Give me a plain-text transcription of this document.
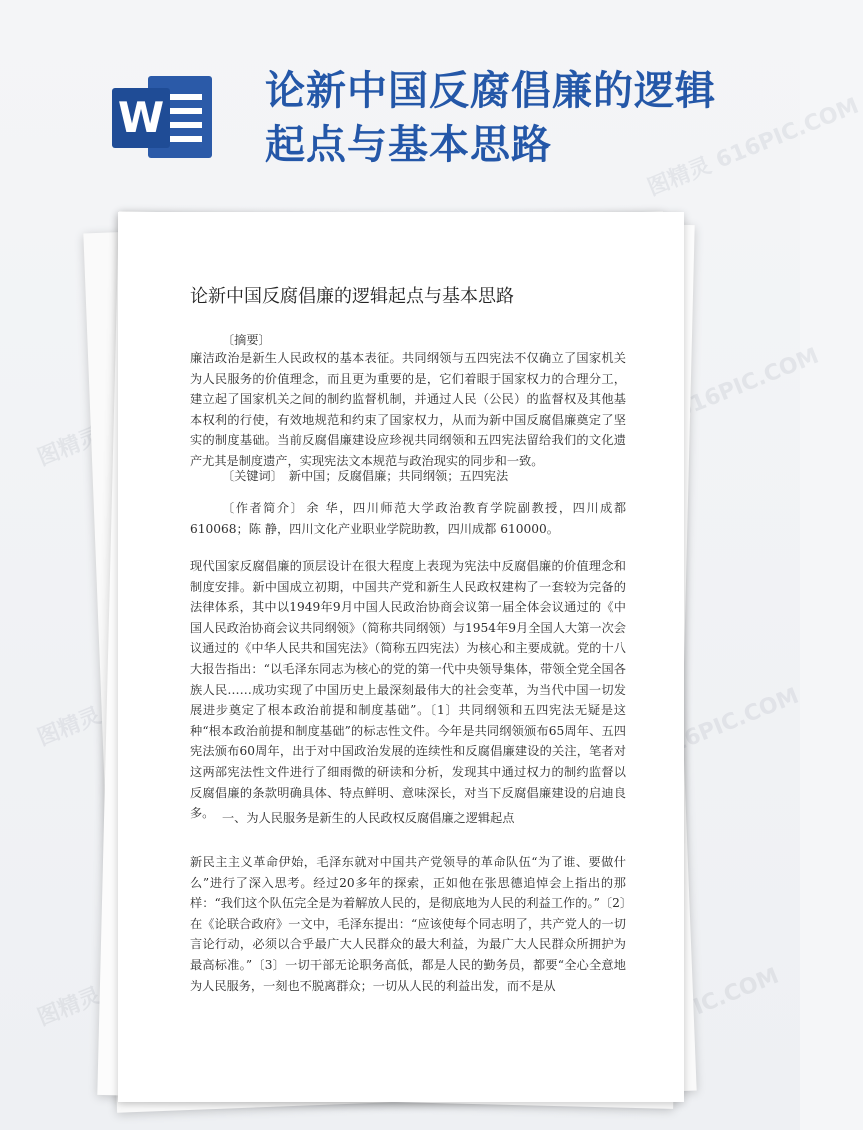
W
论新中国反腐倡廉的逻辑起点与基本思路
论新中国反腐倡廉的逻辑起点与基本思路

〔摘要〕

廉洁政治是新生人民政权的基本表征。共同纲领与五四宪法不仅确立了国家机关为人民服务的价值理念，而且更为重要的是，它们着眼于国家权力的合理分工，建立起了国家机关之间的制约监督机制，并通过人民（公民）的监督权及其他基本权利的行使，有效地规范和约束了国家权力，从而为新中国反腐倡廉奠定了坚实的制度基础。当前反腐倡廉建设应珍视共同纲领和五四宪法留给我们的文化遗产尤其是制度遗产，实现宪法文本规范与政治现实的同步和一致。

〔关键词〕 新中国；反腐倡廉；共同纲领；五四宪法

〔作者简介〕 余 华，四川师范大学政治教育学院副教授，四川成都610068；陈 静，四川文化产业职业学院助教，四川成都 610000。

现代国家反腐倡廉的顶层设计在很大程度上表现为宪法中反腐倡廉的价值理念和制度安排。新中国成立初期，中国共产党和新生人民政权建构了一套较为完备的法律体系，其中以1949年9月中国人民政治协商会议第一届全体会议通过的《中国人民政治协商会议共同纲领》（简称共同纲领）与1954年9月全国人大第一次会议通过的《中华人民共和国宪法》（简称五四宪法）为核心和主要成就。党的十八大报告指出：“以毛泽东同志为核心的党的第一代中央领导集体，带领全党全国各族人民……成功实现了中国历史上最深刻最伟大的社会变革，为当代中国一切发展进步奠定了根本政治前提和制度基础”。〔1〕共同纲领和五四宪法无疑是这种“根本政治前提和制度基础”的标志性文件。今年是共同纲领颁布65周年、五四宪法颁布60周年，出于对中国政治发展的连续性和反腐倡廉建设的关注，笔者对这两部宪法性文件进行了细雨微的研读和分析，发现其中通过权力的制约监督以反腐倡廉的条款明确具体、特点鲜明、意味深长，对当下反腐倡廉建设的启迪良多。 一、为人民服务是新生的人民政权反腐倡廉之逻辑起点

新民主主义革命伊始，毛泽东就对中国共产党领导的革命队伍“为了谁、要做什么”进行了深入思考。经过20多年的探索，正如他在张思德追悼会上指出的那样：“我们这个队伍完全是为着解放人民的，是彻底地为人民的利益工作的。”〔2〕在《论联合政府》一文中，毛泽东提出：“应该使每个同志明了，共产党人的一切言论行动，必须以合乎最广大人民群众的最大利益，为最广大人民群众所拥护为最高标准。”〔3〕一切干部无论职务高低，都是人民的勤务员，都要“全心全意地为人民服务，一刻也不脱离群众；一切从人民的利益出发，而不是从
